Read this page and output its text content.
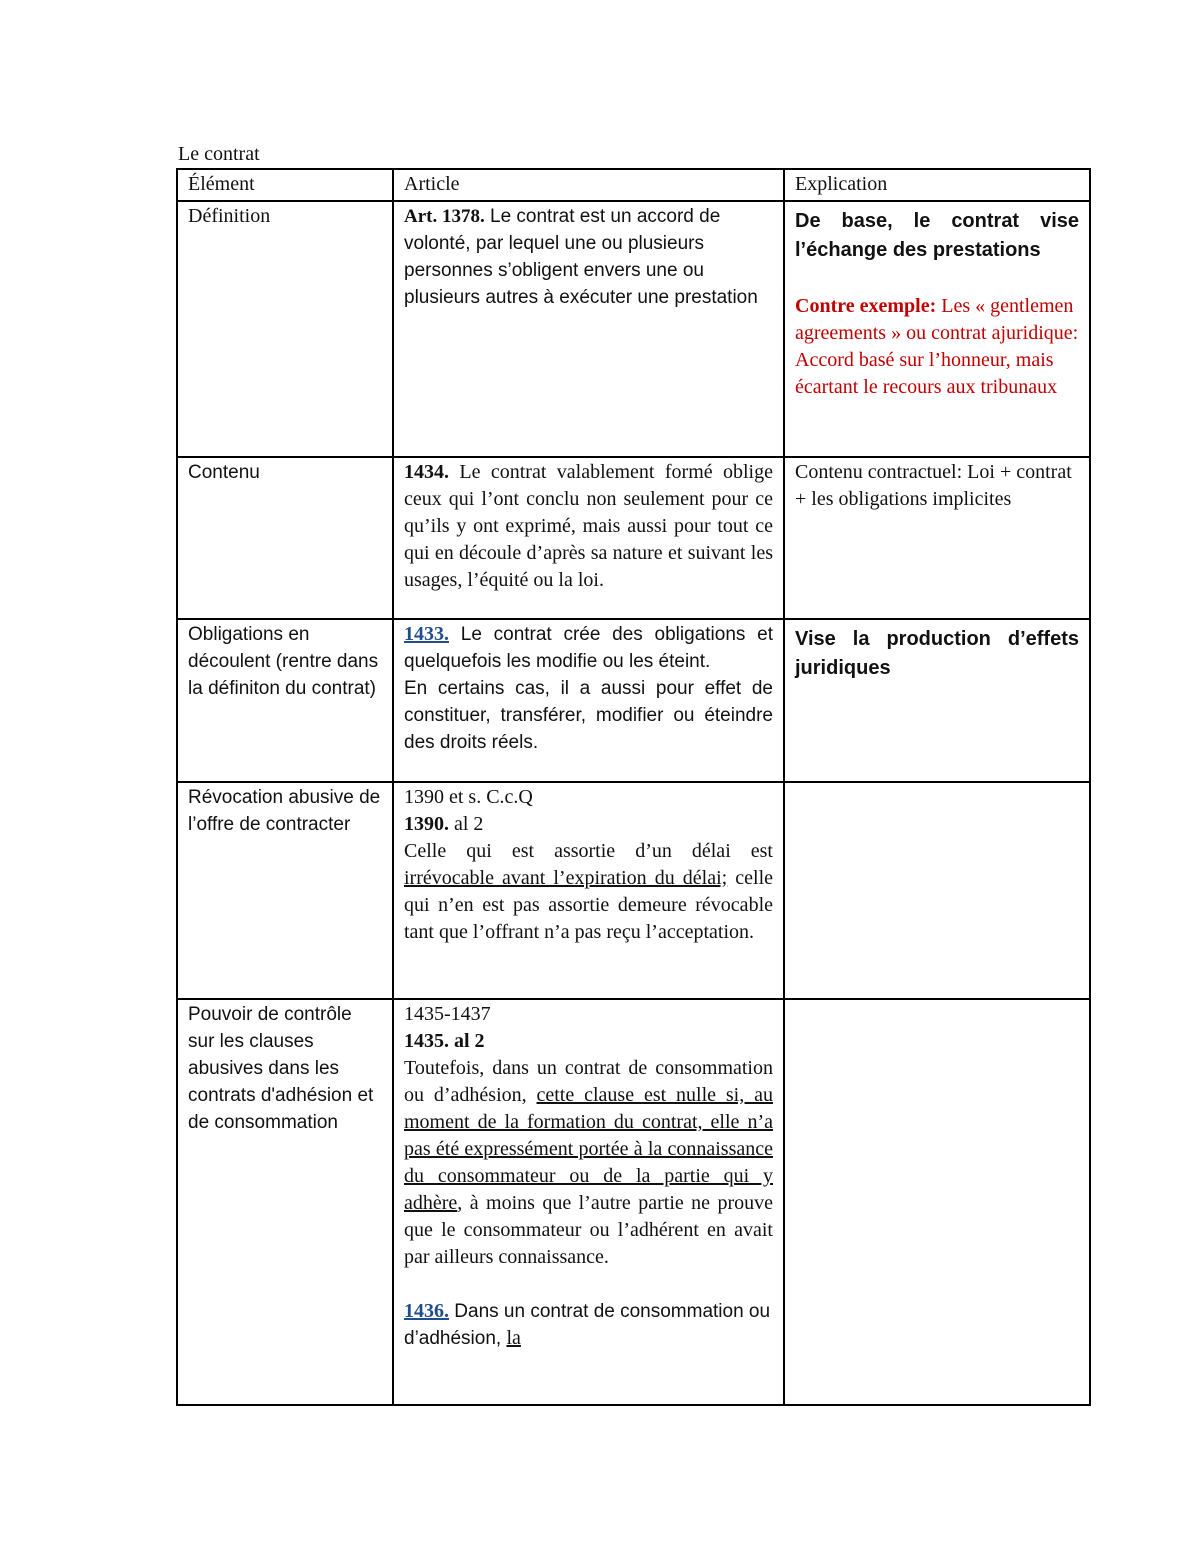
Le contrat
Élément	Article	Explication
Définition	Art. 1378. Le contrat est un accord de volonté, par lequel une ou plusieurs personnes s’obligent envers une ou plusieurs autres à exécuter une prestation	De base, le contrat vise l’échange des prestations

Contre exemple: Les « gentlemen agreements » ou contrat ajuridique:

Accord basé sur l’honneur, mais écartant le recours aux tribunaux

Contenu	1434. Le contrat valablement formé oblige ceux qui l’ont conclu non seulement pour ce qu’ils y ont exprimé, mais aussi pour tout ce qui en découle d’après sa nature et suivant les usages, l’équité ou la loi.	Contenu contractuel: Loi + contrat + les obligations implicites
Obligations en découlent (rentre dans la définiton du contrat)	1433. Le contrat crée des obligations et quelquefois les modifie ou les éteint.

En certains cas, il a aussi pour effet de constituer, transférer, modifier ou éteindre des droits réels.	Vise la production d’effets juridiques

Révocation abusive de l’offre de contracter	1390 et s. C.c.Q

1390. al 2

Celle qui est assortie d’un délai est irrévocable avant l’expiration du délai; celle qui n’en est pas assortie demeure révocable tant que l’offrant n’a pas reçu l’acceptation.	

Pouvoir de contrôle sur les clauses abusives dans les contrats d'adhésion et de consommation	1435-1437

1435. al 2

Toutefois, dans un contrat de consommation ou d’adhésion, cette clause est nulle si, au moment de la formation du contrat, elle n’a pas été expressément portée à la connaissance du consommateur ou de la partie qui y adhère, à moins que l’autre partie ne prouve que le consommateur ou l’adhérent en avait par ailleurs connaissance.

1436. Dans un contrat de consommation ou d’adhésion, la	
